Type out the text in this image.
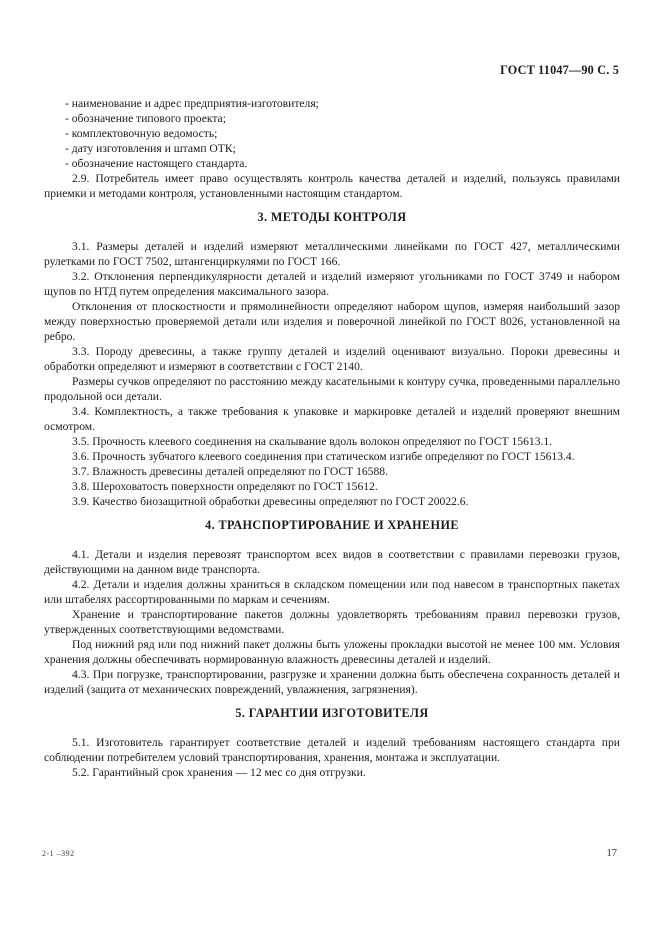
ГОСТ 11047—90 С. 5
- наименование и адрес предприятия-изготовителя;
- обозначение типового проекта;
- комплектовочную ведомость;
- дату изготовления и штамп ОТК;
- обозначение настоящего стандарта.

2.9. Потребитель имеет право осуществлять контроль качества деталей и изделий, пользуясь правилами приемки и методами контроля, установленными настоящим стандартом.

3. МЕТОДЫ КОНТРОЛЯ

3.1. Размеры деталей и изделий измеряют металлическими линейками по ГОСТ 427, металлическими рулетками по ГОСТ 7502, штангенциркулями по ГОСТ 166.

3.2. Отклонения перпендикулярности деталей и изделий измеряют угольниками по ГОСТ 3749 и набором щупов по НТД путем определения максимального зазора.

Отклонения от плоскостности и прямолинейности определяют набором щупов, измеряя наибольший зазор между поверхностью проверяемой детали или изделия и поверочной линейкой по ГОСТ 8026, установленной на ребро.

3.3. Породу древесины, а также группу деталей и изделий оценивают визуально. Пороки древесины и обработки определяют и измеряют в соответствии с ГОСТ 2140.

Размеры сучков определяют по расстоянию между касательными к контуру сучка, проведенными параллельно продольной оси детали.

3.4. Комплектность, а также требования к упаковке и маркировке деталей и изделий проверяют внешним осмотром.

3.5. Прочность клеевого соединения на скалывание вдоль волокон определяют по ГОСТ 15613.1.

3.6. Прочность зубчатого клеевого соединения при статическом изгибе определяют по ГОСТ 15613.4.

3.7. Влажность древесины деталей определяют по ГОСТ 16588.

3.8. Шероховатость поверхности определяют по ГОСТ 15612.

3.9. Качество биозащитной обработки древесины определяют по ГОСТ 20022.6.

4. ТРАНСПОРТИРОВАНИЕ И ХРАНЕНИЕ

4.1. Детали и изделия перевозят транспортом всех видов в соответствии с правилами перевозки грузов, действующими на данном виде транспорта.

4.2. Детали и изделия должны храниться в складском помещении или под навесом в транспортных пакетах или штабелях рассортированными по маркам и сечениям.

Хранение и транспортирование пакетов должны удовлетворять требованиям правил перевозки грузов, утвержденных соответствующими ведомствами.

Под нижний ряд или под нижний пакет должны быть уложены прокладки высотой не менее 100 мм. Условия хранения должны обеспечивать нормированную влажность древесины деталей и изделий.

4.3. При погрузке, транспортировании, разгрузке и хранении должна быть обеспечена сохранность деталей и изделий (защита от механических повреждений, увлажнения, загрязнения).

5. ГАРАНТИИ ИЗГОТОВИТЕЛЯ

5.1. Изготовитель гарантирует соответствие деталей и изделий требованиям настоящего стандарта при соблюдении потребителем условий транспортирования, хранения, монтажа и эксплуатации.

5.2. Гарантийный срок хранения — 12 мес со дня отгрузки.

2-1 –392	17
